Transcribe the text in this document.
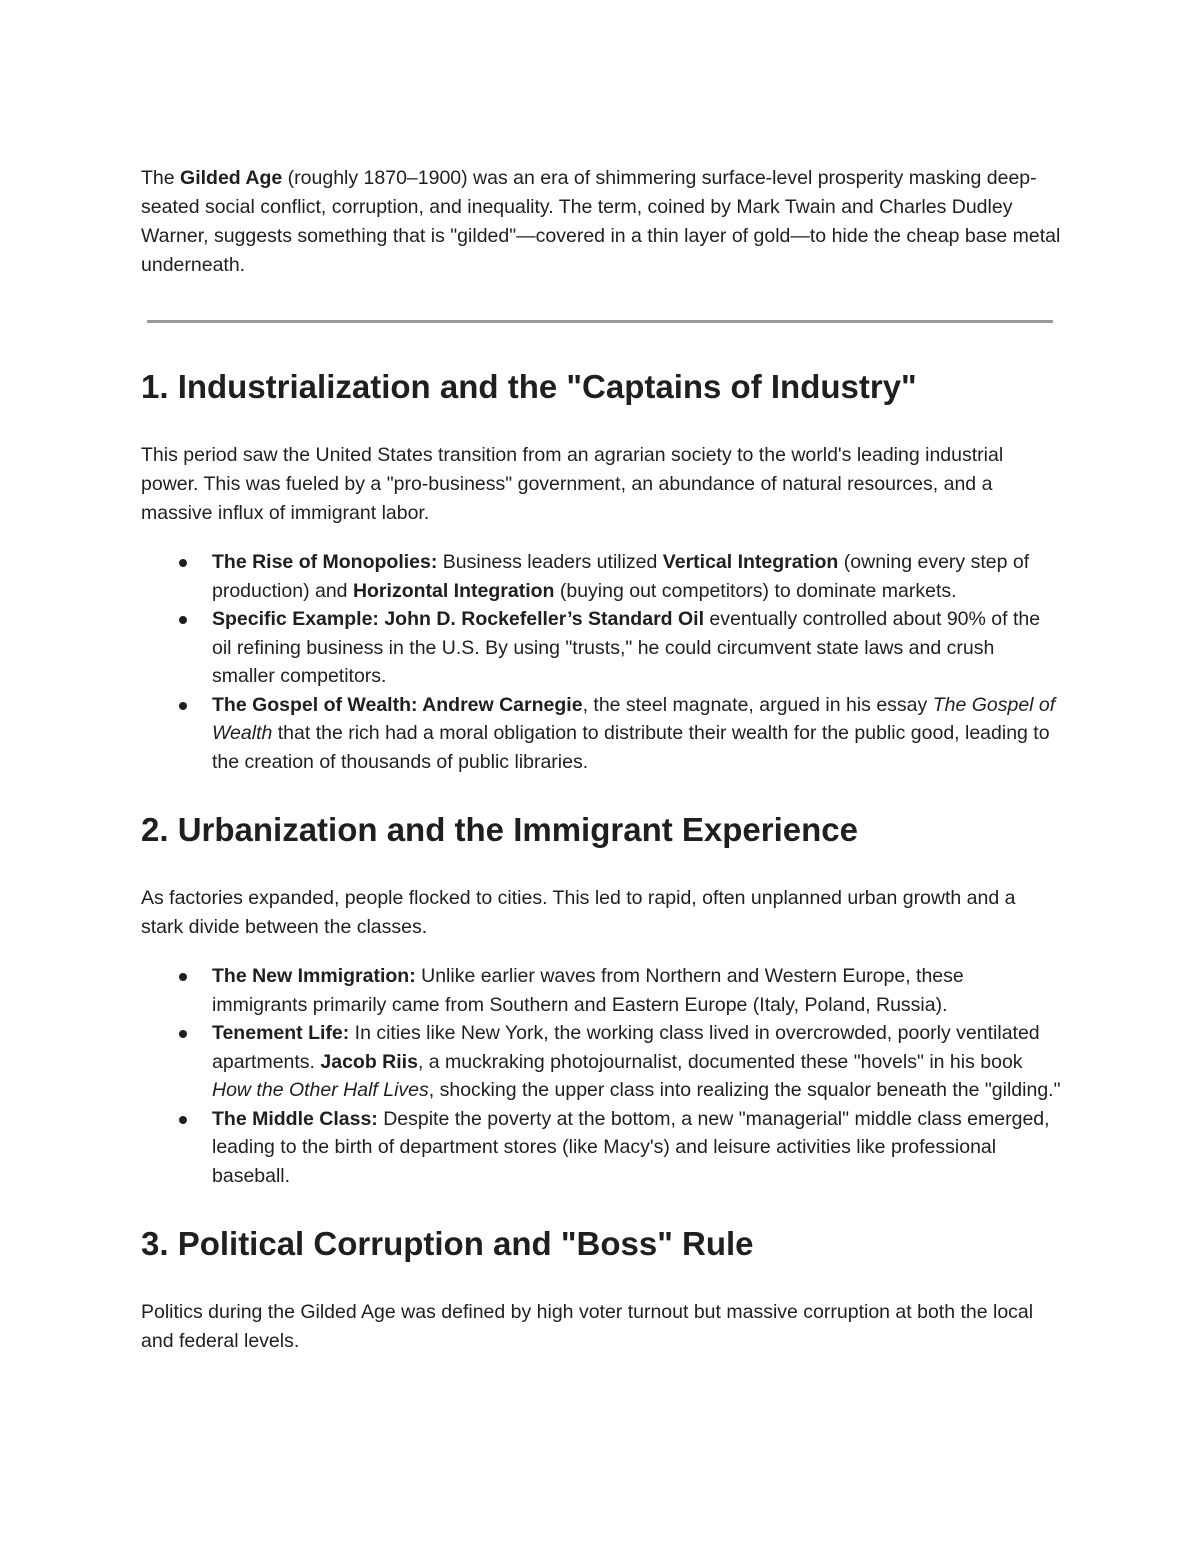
The Gilded Age (roughly 1870–1900) was an era of shimmering surface-level prosperity masking deep-seated social conflict, corruption, and inequality. The term, coined by Mark Twain and Charles Dudley Warner, suggests something that is "gilded"—covered in a thin layer of gold—to hide the cheap base metal underneath.

1. Industrialization and the "Captains of Industry"

This period saw the United States transition from an agrarian society to the world's leading industrial power. This was fueled by a "pro-business" government, an abundance of natural resources, and a massive influx of immigrant labor.

The Rise of Monopolies: Business leaders utilized Vertical Integration (owning every step of production) and Horizontal Integration (buying out competitors) to dominate markets.
Specific Example: John D. Rockefeller’s Standard Oil eventually controlled about 90% of the oil refining business in the U.S. By using "trusts," he could circumvent state laws and crush smaller competitors.
The Gospel of Wealth: Andrew Carnegie, the steel magnate, argued in his essay The Gospel of Wealth that the rich had a moral obligation to distribute their wealth for the public good, leading to the creation of thousands of public libraries.
2. Urbanization and the Immigrant Experience

As factories expanded, people flocked to cities. This led to rapid, often unplanned urban growth and a stark divide between the classes.

The New Immigration: Unlike earlier waves from Northern and Western Europe, these immigrants primarily came from Southern and Eastern Europe (Italy, Poland, Russia).
Tenement Life: In cities like New York, the working class lived in overcrowded, poorly ventilated apartments. Jacob Riis, a muckraking photojournalist, documented these "hovels" in his book How the Other Half Lives, shocking the upper class into realizing the squalor beneath the "gilding."
The Middle Class: Despite the poverty at the bottom, a new "managerial" middle class emerged, leading to the birth of department stores (like Macy's) and leisure activities like professional baseball.
3. Political Corruption and "Boss" Rule

Politics during the Gilded Age was defined by high voter turnout but massive corruption at both the local and federal levels.
